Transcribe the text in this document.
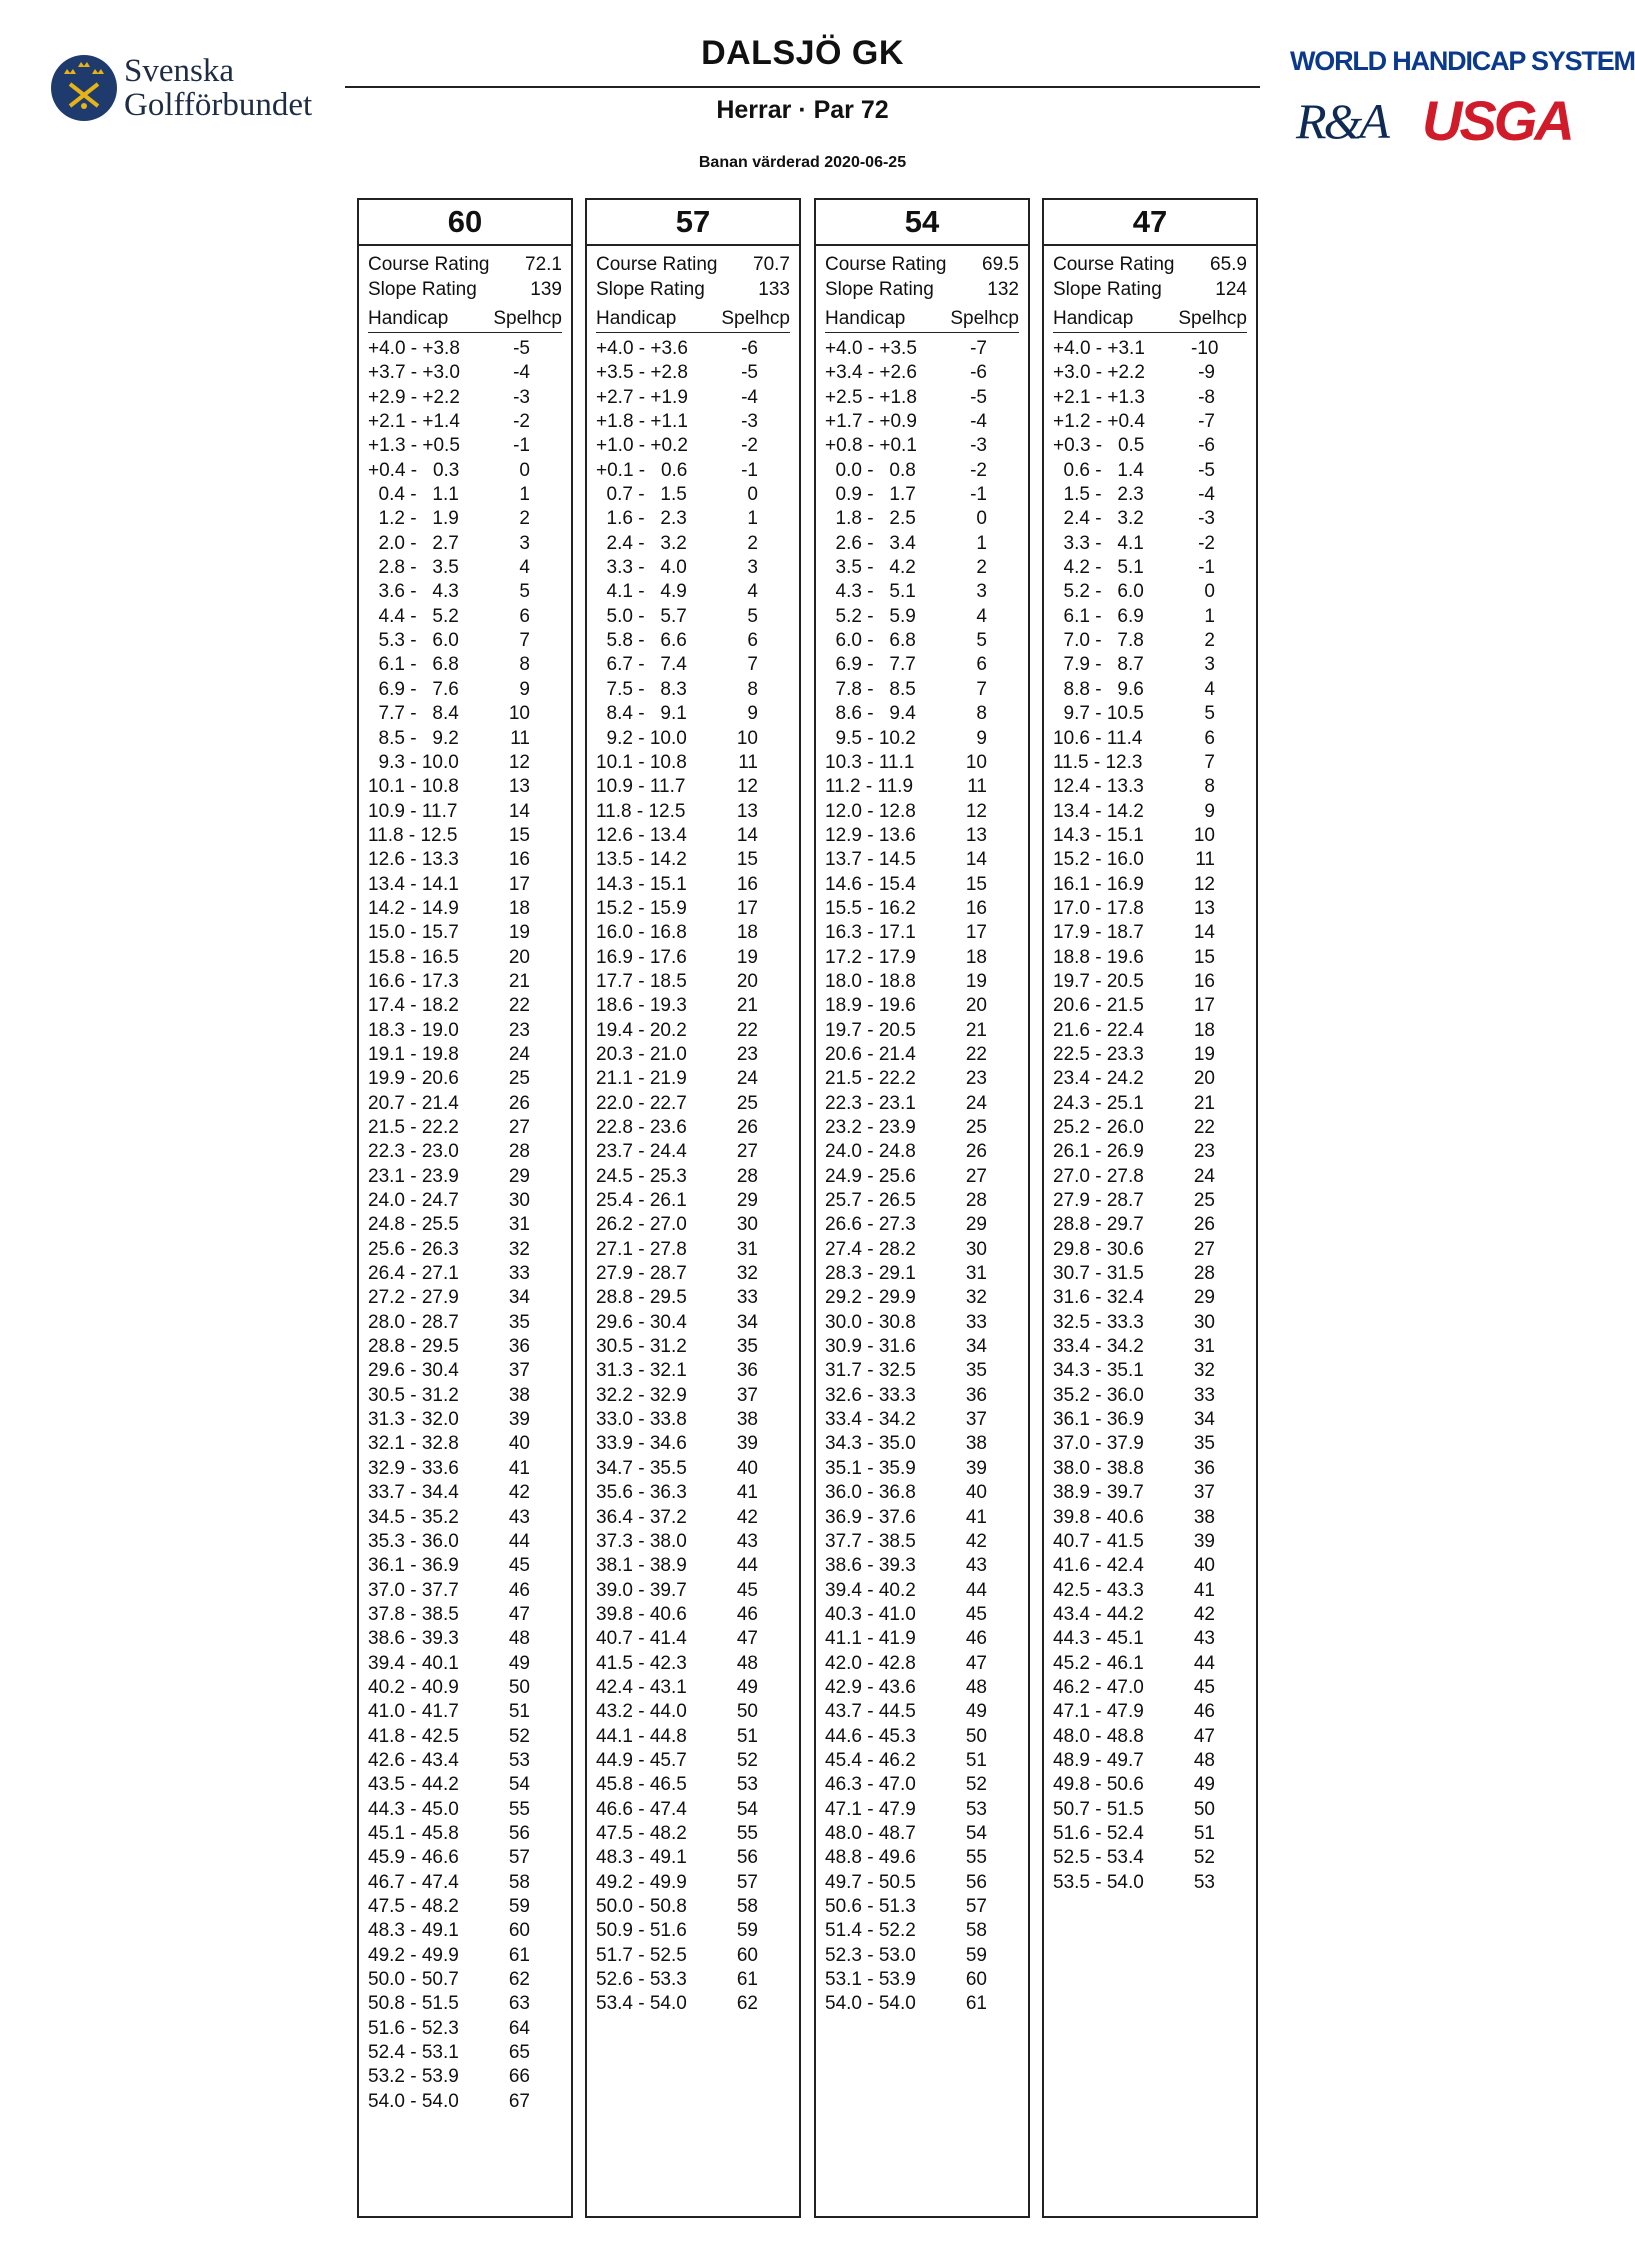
Svenska
Golfförbundet
DALSJÖ GK
Herrar · Par 72
Banan värderad 2020-06-25
WORLD HANDICAP SYSTEM
R&A USGA
60
Course Rating 72.1
Slope Rating	139
Handicap Spelhcp
+4.0 - +3.8	-5
+3.7 - +3.0	-4
+2.9 - +2.2	-3
+2.1 - +1.4	-2
+1.3 - +0.5	-1
+0.4 -   0.3	0
0.4 -   1.1	1
1.2 -   1.9	2
2.0 -   2.7	3
2.8 -   3.5	4
3.6 -   4.3	5
4.4 -   5.2	6
5.3 -   6.0	7
6.1 -   6.8	8
6.9 -   7.6	9
7.7 -   8.4	10
8.5 -   9.2	11
9.3 - 10.0	12
10.1 - 10.8	13
10.9 - 11.7	14
11.8 - 12.5	15
12.6 - 13.3	16
13.4 - 14.1	17
14.2 - 14.9	18
15.0 - 15.7	19
15.8 - 16.5	20
16.6 - 17.3	21
17.4 - 18.2	22
18.3 - 19.0	23
19.1 - 19.8	24
19.9 - 20.6	25
20.7 - 21.4	26
21.5 - 22.2	27
22.3 - 23.0	28
23.1 - 23.9	29
24.0 - 24.7	30
24.8 - 25.5	31
25.6 - 26.3	32
26.4 - 27.1	33
27.2 - 27.9	34
28.0 - 28.7	35
28.8 - 29.5	36
29.6 - 30.4	37
30.5 - 31.2	38
31.3 - 32.0	39
32.1 - 32.8	40
32.9 - 33.6	41
33.7 - 34.4	42
34.5 - 35.2	43
35.3 - 36.0	44
36.1 - 36.9	45
37.0 - 37.7	46
37.8 - 38.5	47
38.6 - 39.3	48
39.4 - 40.1	49
40.2 - 40.9	50
41.0 - 41.7	51
41.8 - 42.5	52
42.6 - 43.4	53
43.5 - 44.2	54
44.3 - 45.0	55
45.1 - 45.8	56
45.9 - 46.6	57
46.7 - 47.4	58
47.5 - 48.2	59
48.3 - 49.1	60
49.2 - 49.9	61
50.0 - 50.7	62
50.8 - 51.5	63
51.6 - 52.3	64
52.4 - 53.1	65
53.2 - 53.9	66
54.0 - 54.0	67
57
Course Rating 70.7
Slope Rating	133
Handicap Spelhcp
+4.0 - +3.6	-6
+3.5 - +2.8	-5
+2.7 - +1.9	-4
+1.8 - +1.1	-3
+1.0 - +0.2	-2
+0.1 -   0.6	-1
0.7 -   1.5	0
1.6 -   2.3	1
2.4 -   3.2	2
3.3 -   4.0	3
4.1 -   4.9	4
5.0 -   5.7	5
5.8 -   6.6	6
6.7 -   7.4	7
7.5 -   8.3	8
8.4 -   9.1	9
9.2 - 10.0	10
10.1 - 10.8	11
10.9 - 11.7	12
11.8 - 12.5	13
12.6 - 13.4	14
13.5 - 14.2	15
14.3 - 15.1	16
15.2 - 15.9	17
16.0 - 16.8	18
16.9 - 17.6	19
17.7 - 18.5	20
18.6 - 19.3	21
19.4 - 20.2	22
20.3 - 21.0	23
21.1 - 21.9	24
22.0 - 22.7	25
22.8 - 23.6	26
23.7 - 24.4	27
24.5 - 25.3	28
25.4 - 26.1	29
26.2 - 27.0	30
27.1 - 27.8	31
27.9 - 28.7	32
28.8 - 29.5	33
29.6 - 30.4	34
30.5 - 31.2	35
31.3 - 32.1	36
32.2 - 32.9	37
33.0 - 33.8	38
33.9 - 34.6	39
34.7 - 35.5	40
35.6 - 36.3	41
36.4 - 37.2	42
37.3 - 38.0	43
38.1 - 38.9	44
39.0 - 39.7	45
39.8 - 40.6	46
40.7 - 41.4	47
41.5 - 42.3	48
42.4 - 43.1	49
43.2 - 44.0	50
44.1 - 44.8	51
44.9 - 45.7	52
45.8 - 46.5	53
46.6 - 47.4	54
47.5 - 48.2	55
48.3 - 49.1	56
49.2 - 49.9	57
50.0 - 50.8	58
50.9 - 51.6	59
51.7 - 52.5	60
52.6 - 53.3	61
53.4 - 54.0	62
54
Course Rating 69.5
Slope Rating	132
Handicap Spelhcp
+4.0 - +3.5	-7
+3.4 - +2.6	-6
+2.5 - +1.8	-5
+1.7 - +0.9	-4
+0.8 - +0.1	-3
0.0 -   0.8	-2
0.9 -   1.7	-1
1.8 -   2.5	0
2.6 -   3.4	1
3.5 -   4.2	2
4.3 -   5.1	3
5.2 -   5.9	4
6.0 -   6.8	5
6.9 -   7.7	6
7.8 -   8.5	7
8.6 -   9.4	8
9.5 - 10.2	9
10.3 - 11.1	10
11.2 - 11.9	11
12.0 - 12.8	12
12.9 - 13.6	13
13.7 - 14.5	14
14.6 - 15.4	15
15.5 - 16.2	16
16.3 - 17.1	17
17.2 - 17.9	18
18.0 - 18.8	19
18.9 - 19.6	20
19.7 - 20.5	21
20.6 - 21.4	22
21.5 - 22.2	23
22.3 - 23.1	24
23.2 - 23.9	25
24.0 - 24.8	26
24.9 - 25.6	27
25.7 - 26.5	28
26.6 - 27.3	29
27.4 - 28.2	30
28.3 - 29.1	31
29.2 - 29.9	32
30.0 - 30.8	33
30.9 - 31.6	34
31.7 - 32.5	35
32.6 - 33.3	36
33.4 - 34.2	37
34.3 - 35.0	38
35.1 - 35.9	39
36.0 - 36.8	40
36.9 - 37.6	41
37.7 - 38.5	42
38.6 - 39.3	43
39.4 - 40.2	44
40.3 - 41.0	45
41.1 - 41.9	46
42.0 - 42.8	47
42.9 - 43.6	48
43.7 - 44.5	49
44.6 - 45.3	50
45.4 - 46.2	51
46.3 - 47.0	52
47.1 - 47.9	53
48.0 - 48.7	54
48.8 - 49.6	55
49.7 - 50.5	56
50.6 - 51.3	57
51.4 - 52.2	58
52.3 - 53.0	59
53.1 - 53.9	60
54.0 - 54.0	61
47
Course Rating 65.9
Slope Rating	124
Handicap Spelhcp
+4.0 - +3.1 -10
+3.0 - +2.2	-9
+2.1 - +1.3	-8
+1.2 - +0.4	-7
+0.3 -   0.5	-6
0.6 -   1.4	-5
1.5 -   2.3	-4
2.4 -   3.2	-3
3.3 -   4.1	-2
4.2 -   5.1	-1
5.2 -   6.0	0
6.1 -   6.9	1
7.0 -   7.8	2
7.9 -   8.7	3
8.8 -   9.6	4
9.7 - 10.5	5
10.6 - 11.4	6
11.5 - 12.3	7
12.4 - 13.3	8
13.4 - 14.2	9
14.3 - 15.1	10
15.2 - 16.0	11
16.1 - 16.9	12
17.0 - 17.8	13
17.9 - 18.7	14
18.8 - 19.6	15
19.7 - 20.5	16
20.6 - 21.5	17
21.6 - 22.4	18
22.5 - 23.3	19
23.4 - 24.2	20
24.3 - 25.1	21
25.2 - 26.0	22
26.1 - 26.9	23
27.0 - 27.8	24
27.9 - 28.7	25
28.8 - 29.7	26
29.8 - 30.6	27
30.7 - 31.5	28
31.6 - 32.4	29
32.5 - 33.3	30
33.4 - 34.2	31
34.3 - 35.1	32
35.2 - 36.0	33
36.1 - 36.9	34
37.0 - 37.9	35
38.0 - 38.8	36
38.9 - 39.7	37
39.8 - 40.6	38
40.7 - 41.5	39
41.6 - 42.4	40
42.5 - 43.3	41
43.4 - 44.2	42
44.3 - 45.1	43
45.2 - 46.1	44
46.2 - 47.0	45
47.1 - 47.9	46
48.0 - 48.8	47
48.9 - 49.7	48
49.8 - 50.6	49
50.7 - 51.5	50
51.6 - 52.4	51
52.5 - 53.4	52
53.5 - 54.0	53
